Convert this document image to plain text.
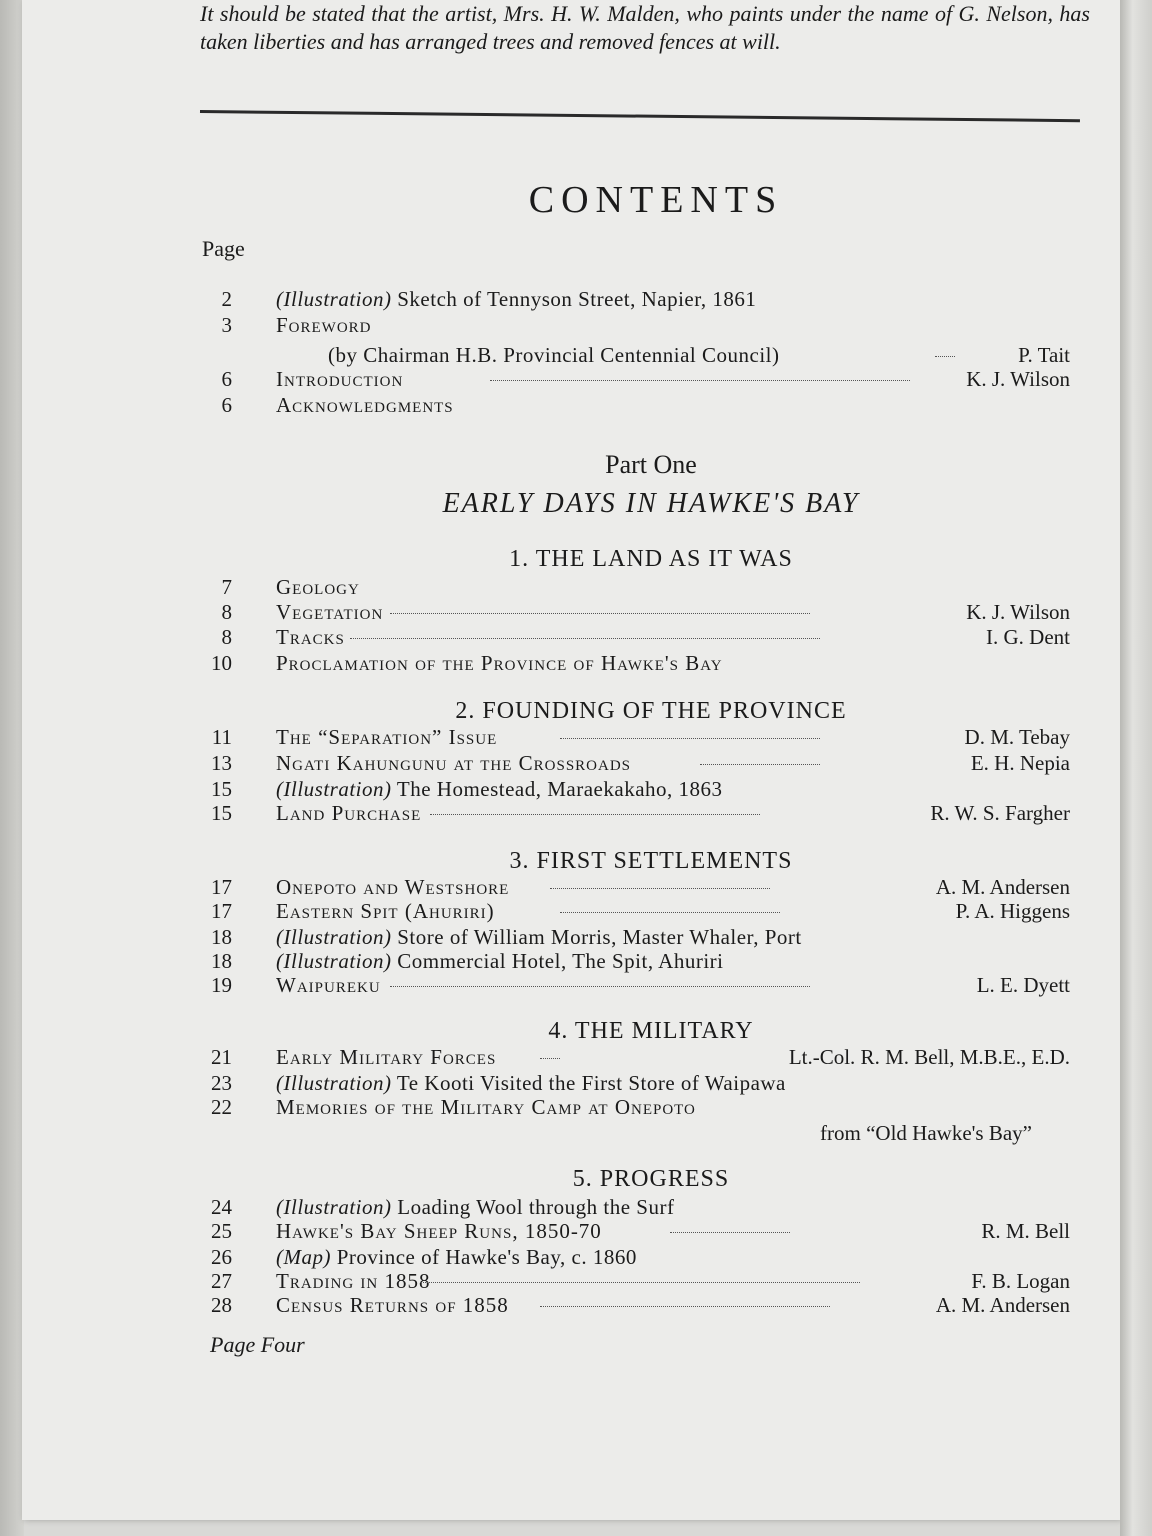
It should be stated that the artist, Mrs. H. W. Malden, who paints under the name of G. Nelson, has taken liberties and has arranged trees and removed fences at will.
CONTENTS
Page
2 (Illustration) Sketch of Tennyson Street, Napier, 1861
3 Foreword
(by Chairman H.B. Provincial Centennial Council)	P. Tait
6 Introduction	K. J. Wilson
6 Acknowledgments
Part One
EARLY DAYS IN HAWKE'S BAY
1. THE LAND AS IT WAS
7 Geology
8 Vegetation	K. J. Wilson
8 Tracks	I. G. Dent
10 Proclamation of the Province of Hawke's Bay
2. FOUNDING OF THE PROVINCE
11 The “Separation” Issue	D. M. Tebay
13 Ngati Kahungunu at the Crossroads	E. H. Nepia
15 (Illustration) The Homestead, Maraekakaho, 1863
15 Land Purchase	R. W. S. Fargher
3. FIRST SETTLEMENTS
17 Onepoto and Westshore	A. M. Andersen
17 Eastern Spit (Ahuriri)	P. A. Higgens
18 (Illustration) Store of William Morris, Master Whaler, Port
18 (Illustration) Commercial Hotel, The Spit, Ahuriri
19 Waipureku	L. E. Dyett
4. THE MILITARY
21 Early Military Forces	Lt.-Col. R. M. Bell, M.B.E., E.D.
23 (Illustration) Te Kooti Visited the First Store of Waipawa
22 Memories of the Military Camp at Onepoto
from “Old Hawke's Bay”
5. PROGRESS
24 (Illustration) Loading Wool through the Surf
25 Hawke's Bay Sheep Runs, 1850-70	R. M. Bell
26 (Map) Province of Hawke's Bay, c. 1860
27 Trading in 1858	F. B. Logan
28 Census Returns of 1858	A. M. Andersen
Page Four
